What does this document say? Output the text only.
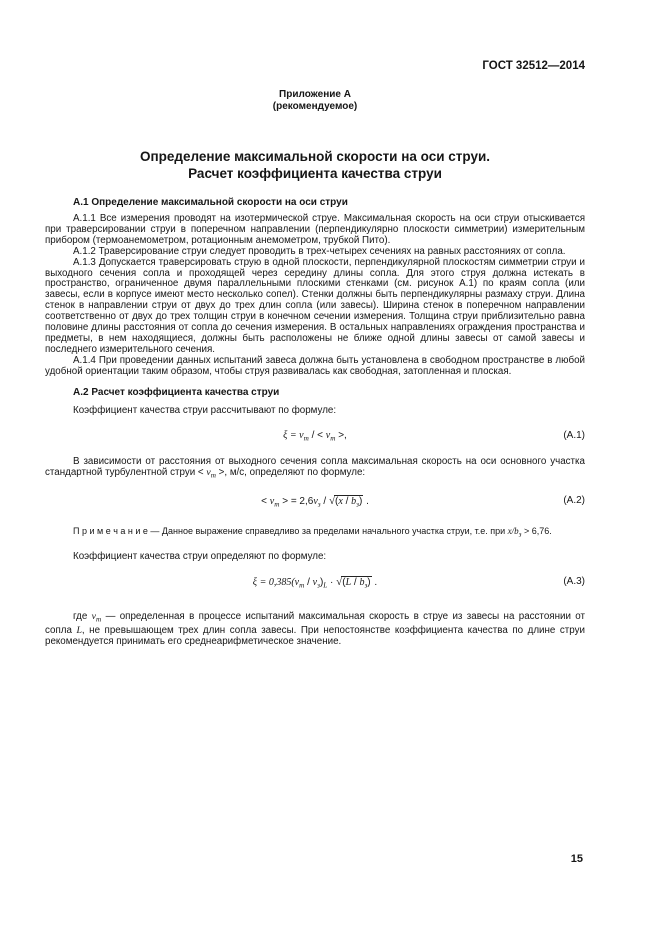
ГОСТ 32512—2014
Приложение А
(рекомендуемое)
Определение максимальной скорости на оси струи.
Расчет коэффициента качества струи
А.1 Определение максимальной скорости на оси струи

А.1.1 Все измерения проводят на изотермической струе. Максимальная скорость на оси струи отыскивается при траверсировании струи в поперечном направлении (перпендикулярно плоскости симметрии) измерительным прибором (термоанемометром, ротационным анемометром, трубкой Пито).

А.1.2 Траверсирование струи следует проводить в трех-четырех сечениях на равных расстояниях от сопла.

А.1.3 Допускается траверсировать струю в одной плоскости, перпендикулярной плоскостям симметрии струи и выходного сечения сопла и проходящей через середину длины сопла. Для этого струя должна истекать в пространство, ограниченное двумя параллельными плоскими стенками (см. рисунок А.1) по краям сопла (или завесы, если в корпусе имеют место несколько сопел). Стенки должны быть перпендикулярны размаху струи. Длина стенок в направлении струи от двух до трех длин сопла (или завесы). Ширина стенок в поперечном направлении соответственно от двух до трех толщин струи в конечном сечении измерения. Толщина струи приблизительно равна половине длины расстояния от сопла до сечения измерения. В остальных направлениях ограждения пространства и предметы, в нем находящиеся, должны быть расположены не ближе одной длины завесы от самой завесы и последнего измерительного сечения.

А.1.4 При проведении данных испытаний завеса должна быть установлена в свободном пространстве в любой удобной ориентации таким образом, чтобы струя развивалась как свободная, затопленная и плоская.

А.2 Расчет коэффициента качества струи

Коэффициент качества струи рассчитывают по формуле:

$\xi = v_m$ / < $v_m$ >,	(А.1)

В зависимости от расстояния от выходного сечения сопла максимальная скорость на оси основного участка стандартной турбулентной струи < $v_m$ >, м/с, определяют по формуле:

< $v_m$ > = $2,6v_з / √(x / b_з)$ .	(А.2)

П р и м е ч а н и е — Данное выражение справедливо за пределами начального участка струи, т.е. при $x/b_з > 6,76$.

Коэффициент качества струи определяют по формуле:

$\xi = 0,385(v_m / v_з)_L \cdot √(L / b_з)$ .	(А.3)

где $v_m$ — определенная в процессе испытаний максимальная скорость в струе из завесы на расстоянии от сопла L, не превышающем трех длин сопла завесы. При непостоянстве коэффициента качества по длине струи рекомендуется принимать его среднеарифметическое значение.

15
